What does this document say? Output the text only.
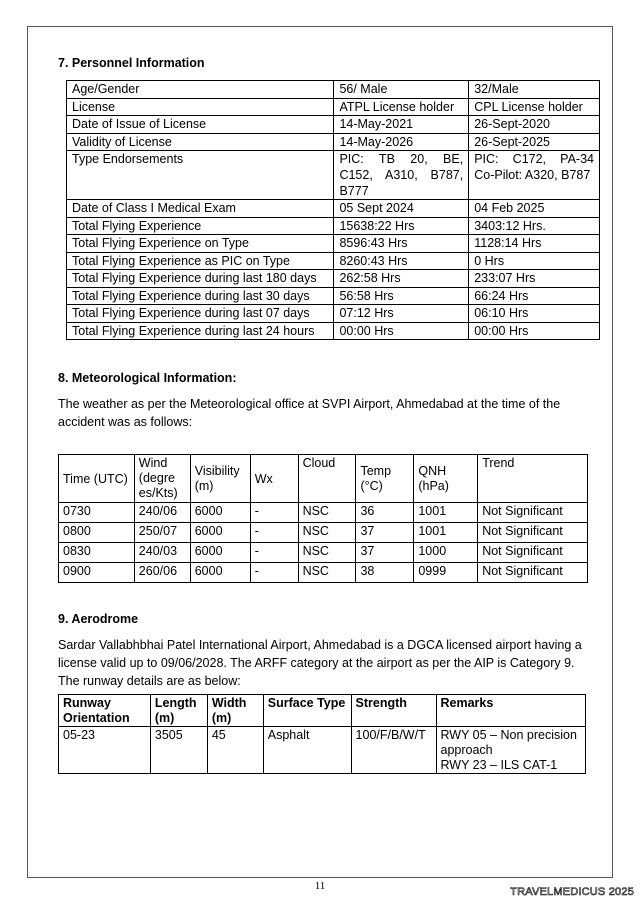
7. Personnel Information
Age/Gender	56/ Male	32/Male
License	ATPL License holder	CPL License holder
Date of Issue of License	14-May-2021	26-Sept-2020
Validity of License	14-May-2026	26-Sept-2025
Type Endorsements	PIC: TB 20, BE, C152, A310, B787, B777	PIC: C172, PA-34 Co-Pilot: A320, B787

Date of Class I Medical Exam	05 Sept 2024	04 Feb 2025
Total Flying Experience	15638:22 Hrs	3403:12 Hrs.
Total Flying Experience on Type	8596:43 Hrs	1128:14 Hrs
Total Flying Experience as PIC on Type	8260:43 Hrs	0 Hrs
Total Flying Experience during last 180 days	262:58 Hrs	233:07 Hrs
Total Flying Experience during last 30 days	56:58 Hrs	66:24 Hrs
Total Flying Experience during last 07 days	07:12 Hrs	06:10 Hrs
Total Flying Experience during last 24 hours	00:00 Hrs	00:00 Hrs
8. Meteorological Information:
The weather as per the Meteorological office at SVPI Airport, Ahmedabad at the time of the accident was as follows:
Time (UTC)	Wind (degre es/Kts)	Visibility (m)	Wx	Cloud	Temp (°C)	QNH (hPa)	Trend
0730	240/06	6000	-	NSC	36	1001	Not Significant
0800	250/07	6000	-	NSC	37	1001	Not Significant
0830	240/03	6000	-	NSC	37	1000	Not Significant
0900	260/06	6000	-	NSC	38	0999	Not Significant
9. Aerodrome
Sardar Vallabhbhai Patel International Airport, Ahmedabad is a DGCA licensed airport having a license valid up to 09/06/2028. The ARFF category at the airport as per the AIP is Category 9. The runway details are as below:
Runway Orientation	Length (m)	Width (m)	Surface Type	Strength	Remarks
05-23	3505	45	Asphalt	100/F/B/W/T	RWY 05 – Non precision approach
RWY 23 – ILS CAT-1
11	TRAVELMEDICUS 2025
